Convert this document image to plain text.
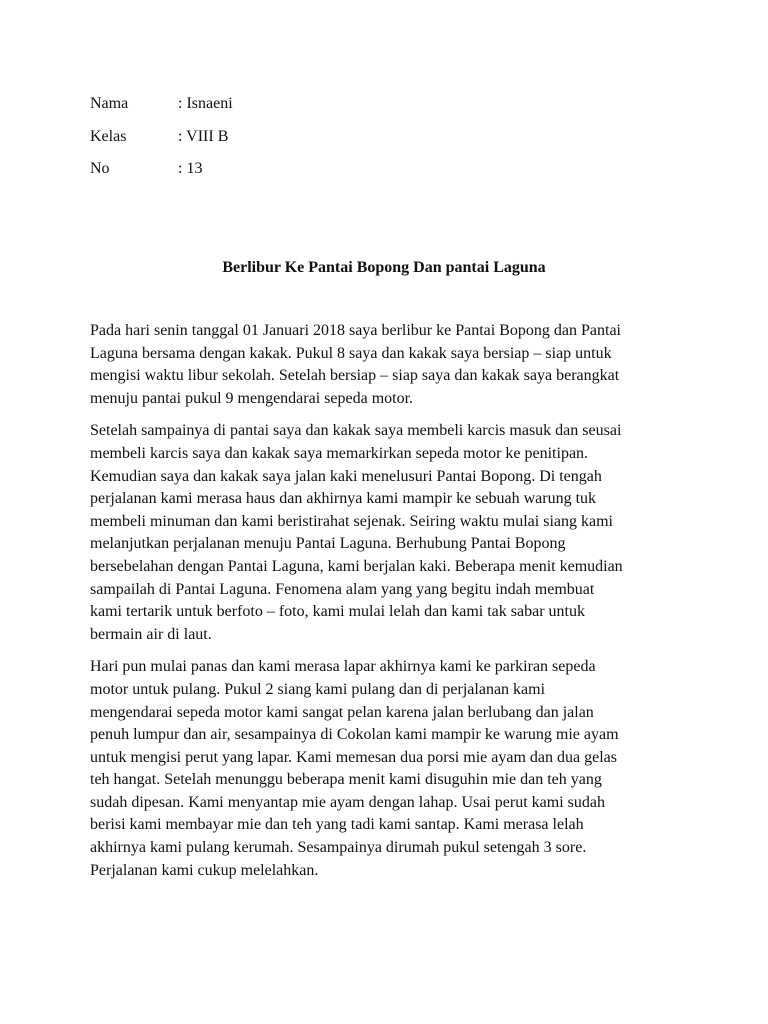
Nama	: Isnaeni
Kelas	: VIII B
No	: 13
Berlibur Ke Pantai Bopong Dan pantai Laguna
Pada hari senin tanggal 01 Januari 2018 saya berlibur ke Pantai Bopong dan Pantai
Laguna bersama dengan kakak. Pukul 8 saya dan kakak saya bersiap – siap untuk
mengisi waktu libur sekolah. Setelah bersiap – siap saya dan kakak saya berangkat
menuju pantai pukul 9 mengendarai sepeda motor.
Setelah sampainya di pantai saya dan kakak saya membeli karcis masuk dan seusai
membeli karcis saya dan kakak saya memarkirkan sepeda motor ke penitipan.
Kemudian saya dan kakak saya jalan kaki menelusuri Pantai Bopong. Di tengah
perjalanan kami merasa haus dan akhirnya kami mampir ke sebuah warung tuk
membeli minuman dan kami beristirahat sejenak. Seiring waktu mulai siang kami
melanjutkan perjalanan menuju Pantai Laguna. Berhubung Pantai Bopong
bersebelahan dengan Pantai Laguna, kami berjalan kaki. Beberapa menit kemudian
sampailah di Pantai Laguna. Fenomena alam yang yang begitu indah membuat
kami tertarik untuk berfoto – foto, kami mulai lelah dan kami tak sabar untuk
bermain air di laut.
Hari pun mulai panas dan kami merasa lapar akhirnya kami ke parkiran sepeda
motor untuk pulang. Pukul 2 siang kami pulang dan di perjalanan kami
mengendarai sepeda motor kami sangat pelan karena jalan berlubang dan jalan
penuh lumpur dan air, sesampainya di Cokolan kami mampir ke warung mie ayam
untuk mengisi perut yang lapar. Kami memesan dua porsi mie ayam dan dua gelas
teh hangat. Setelah menunggu beberapa menit kami disuguhin mie dan teh yang
sudah dipesan. Kami menyantap mie ayam dengan lahap. Usai perut kami sudah
berisi kami membayar mie dan teh yang tadi kami santap. Kami merasa lelah
akhirnya kami pulang kerumah. Sesampainya dirumah pukul setengah 3 sore.
Perjalanan kami cukup melelahkan.
